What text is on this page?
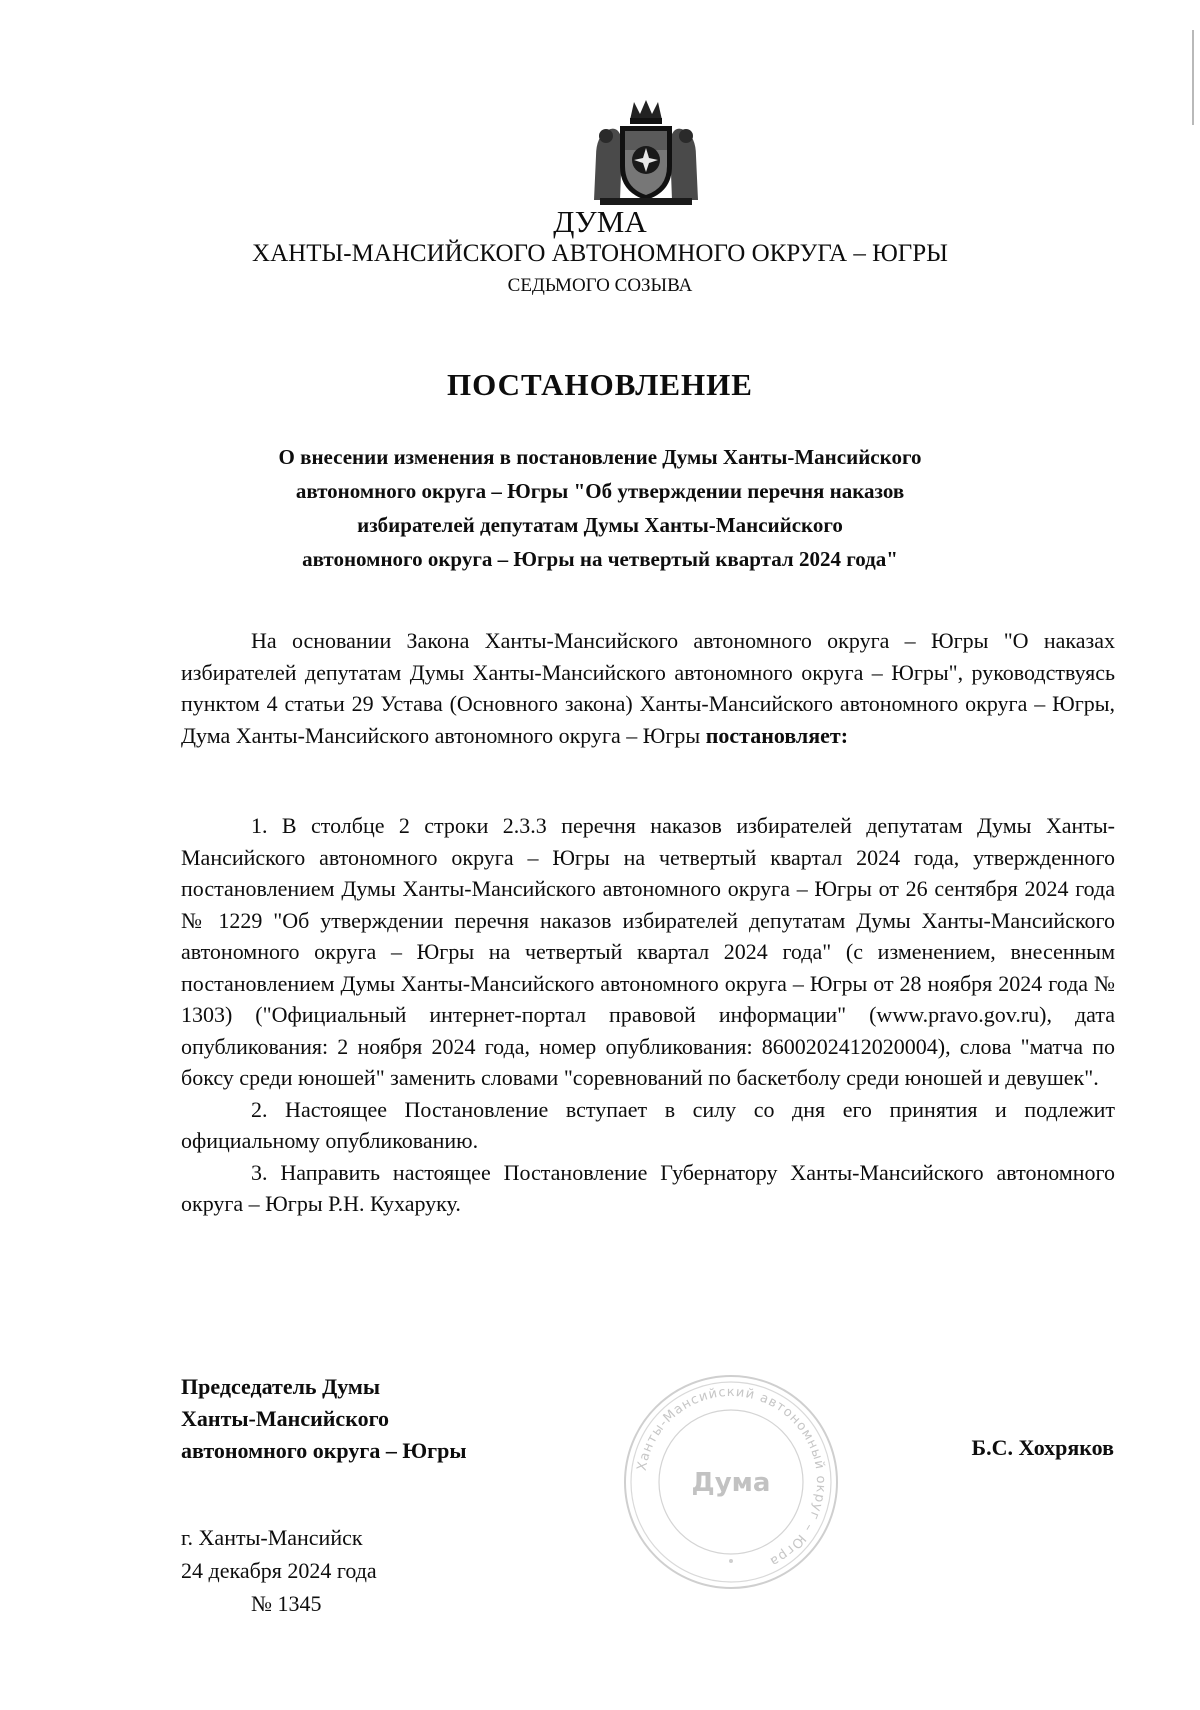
ДУМА
ХАНТЫ-МАНСИЙСКОГО АВТОНОМНОГО ОКРУГА – ЮГРЫ
СЕДЬМОГО СОЗЫВА
ПОСТАНОВЛЕНИЕ
О внесении изменения в постановление Думы Ханты-Мансийского
автономного округа – Югры "Об утверждении перечня наказов
избирателей депутатам Думы Ханты-Мансийского
автономного округа – Югры на четвертый квартал 2024 года"

На основании Закона Ханты-Мансийского автономного округа – Югры "О наказах избирателей депутатам Думы Ханты-Мансийского автономного округа – Югры", руководствуясь пунктом 4 статьи 29 Устава (Основного закона) Ханты-Мансийского автономного округа – Югры, Дума Ханты-Мансийского автономного округа – Югры постановляет:

1. В столбце 2 строки 2.3.3 перечня наказов избирателей депутатам Думы Ханты-Мансийского автономного округа – Югры на четвертый квартал 2024 года, утвержденного постановлением Думы Ханты-Мансийского автономного округа – Югры от 26 сентября 2024 года № 1229 "Об утверждении перечня наказов избирателей депутатам Думы Ханты-Мансийского автономного округа – Югры на четвертый квартал 2024 года" (с изменением, внесенным постановлением Думы Ханты-Мансийского автономного округа – Югры от 28 ноября 2024 года № 1303) ("Официальный интернет-портал правовой информации" (www.pravo.gov.ru), дата опубликования: 2 ноября 2024 года, номер опубликования: 8600202412020004), слова "матча по боксу среди юношей" заменить словами "соревнований по баскетболу среди юношей и девушек".

2. Настоящее Постановление вступает в силу со дня его принятия и подлежит официальному опубликованию.

3. Направить настоящее Постановление Губернатору Ханты-Мансийского автономного округа – Югры Р.Н. Кухаруку.

Председатель Думы
Ханты-Мансийского
автономного округа – Югры
Ханты-Мансийский автономный округ – Югра
Дума
Б.С. Хохряков
г. Ханты-Мансийск
24 декабря 2024 года
№ 1345
